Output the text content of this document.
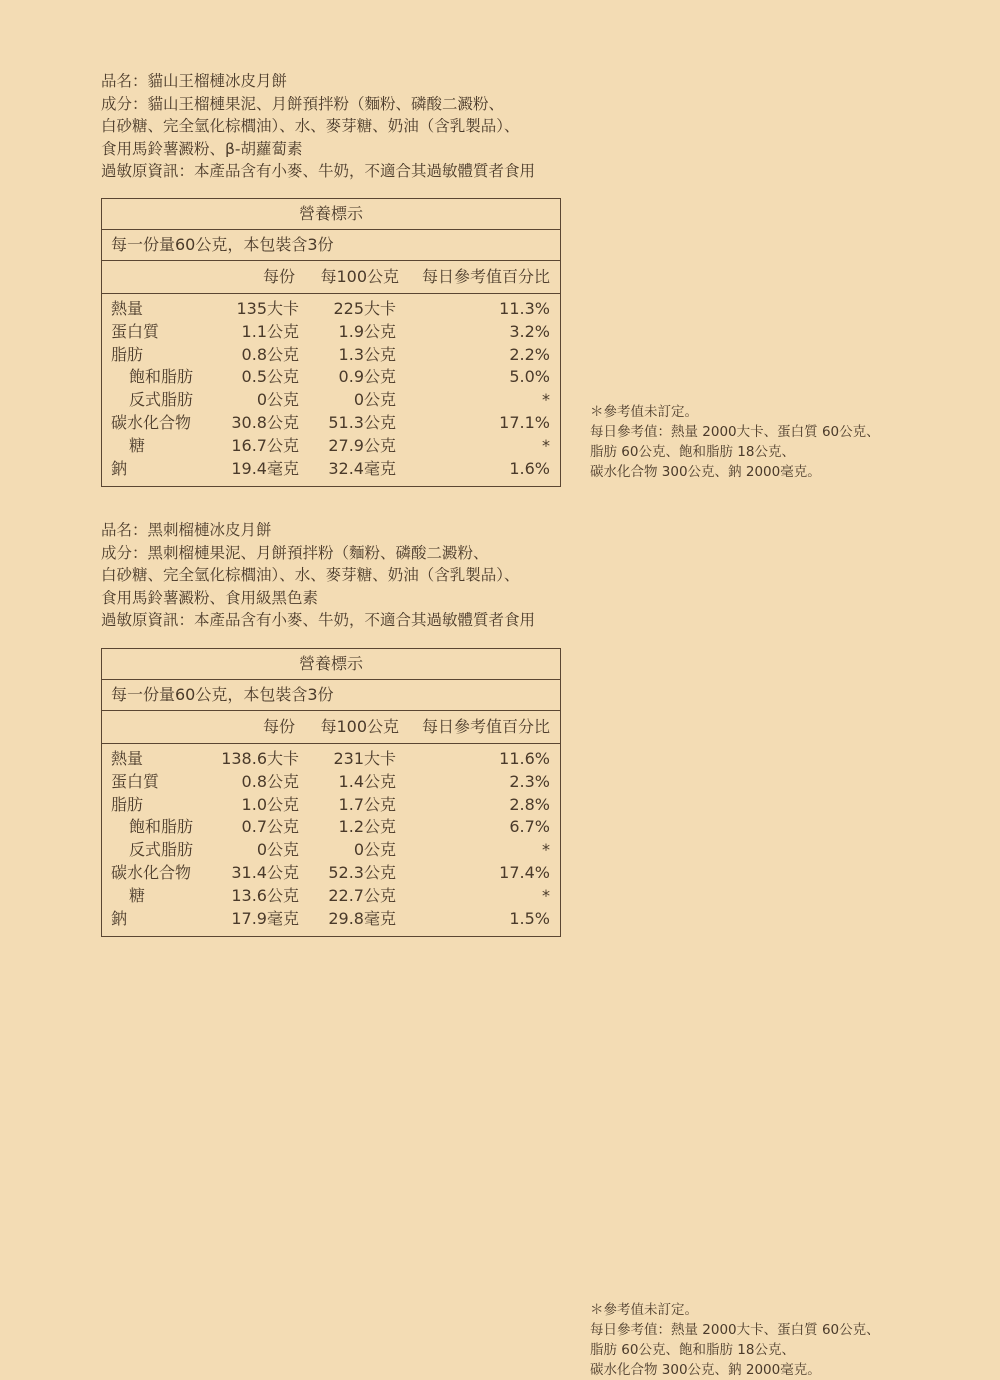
品名：貓山王榴槤冰皮月餅
成分：貓山王榴槤果泥、月餅預拌粉（麵粉、磷酸二澱粉、
白砂糖、完全氫化棕櫚油）、水、麥芽糖、奶油（含乳製品）、
食用馬鈴薯澱粉、β-胡蘿蔔素
過敏原資訊：本產品含有小麥、牛奶，不適合其過敏體質者食用
營養標示
每一份量60公克，本包裝含3份
每份 每100公克 每日參考值百分比
熱量	135大卡 225大卡	11.3%
蛋白質	1.1公克 1.9公克	3.2%
脂肪	0.8公克 1.3公克	2.2%
飽和脂肪	0.5公克 0.9公克	5.0%
反式脂肪	0公克	0公克	*
碳水化合物	30.8公克 51.3公克	17.1%
糖	16.7公克 27.9公克	*
鈉	19.4毫克 32.4毫克	1.6%
＊參考值未訂定。
每日參考值：熱量 2000大卡、蛋白質 60公克、
脂肪 60公克、飽和脂肪 18公克、
碳水化合物 300公克、鈉 2000毫克。
品名：黑刺榴槤冰皮月餅
成分：黑刺榴槤果泥、月餅預拌粉（麵粉、磷酸二澱粉、
白砂糖、完全氫化棕櫚油）、水、麥芽糖、奶油（含乳製品）、
食用馬鈴薯澱粉、食用級黑色素
過敏原資訊：本產品含有小麥、牛奶，不適合其過敏體質者食用
營養標示
每一份量60公克，本包裝含3份
每份 每100公克 每日參考值百分比
熱量	138.6大卡 231大卡	11.6%
蛋白質	0.8公克 1.4公克	2.3%
脂肪	1.0公克 1.7公克	2.8%
飽和脂肪	0.7公克 1.2公克	6.7%
反式脂肪	0公克	0公克	*
碳水化合物	31.4公克 52.3公克	17.4%
糖	13.6公克 22.7公克	*
鈉	17.9毫克 29.8毫克	1.5%
＊參考值未訂定。
每日參考值：熱量 2000大卡、蛋白質 60公克、
脂肪 60公克、飽和脂肪 18公克、
碳水化合物 300公克、鈉 2000毫克。
